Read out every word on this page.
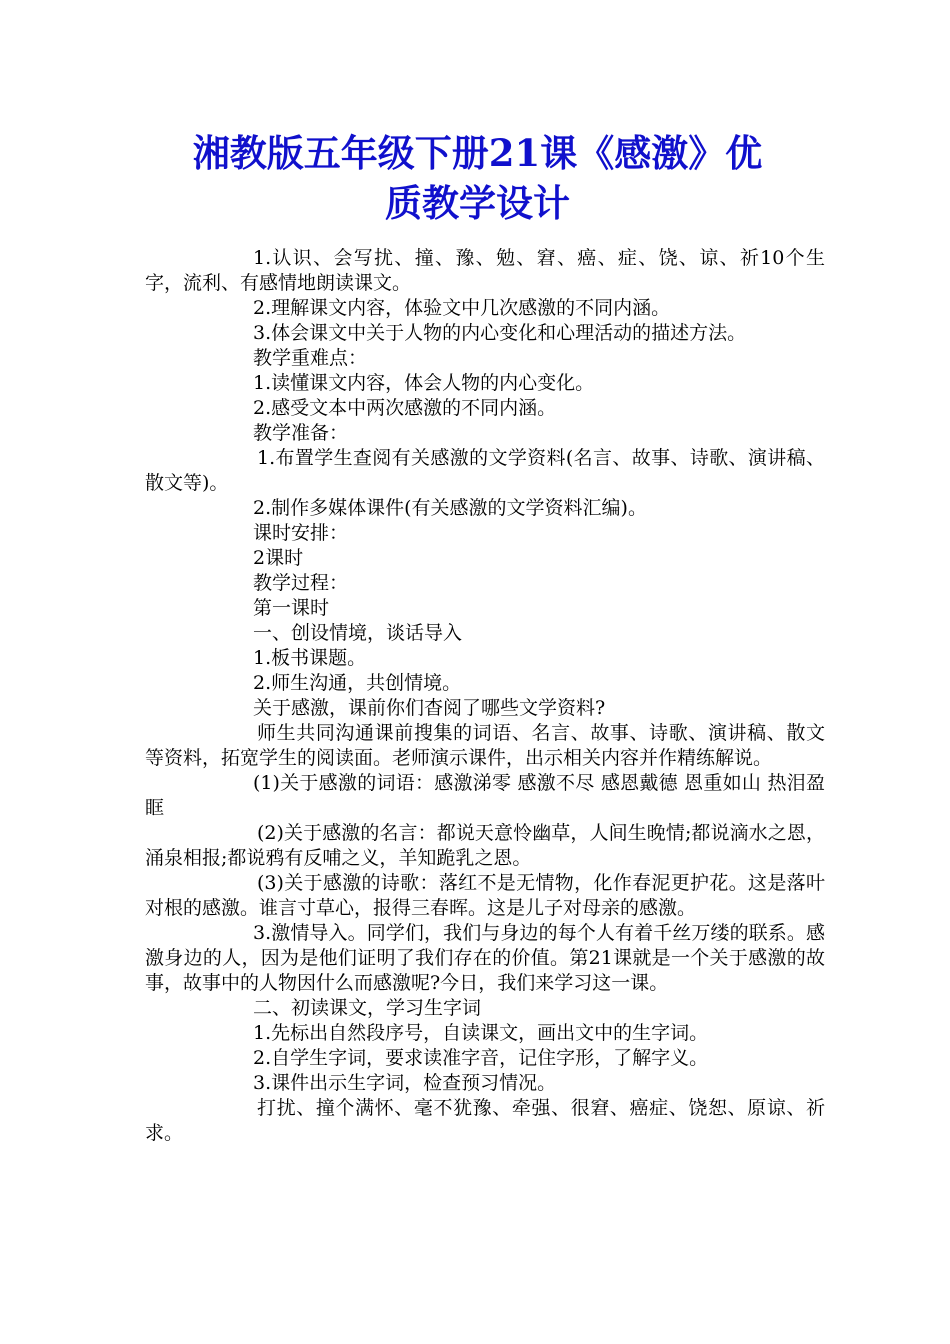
湘教版五年级下册21课《感激》优
质教学设计

1.认识、会写扰、撞、豫、勉、窘、癌、症、饶、谅、祈10个生字，流利、有感情地朗读课文。

2.理解课文内容，体验文中几次感激的不同内涵。

3.体会课文中关于人物的内心变化和心理活动的描述方法。

教学重难点：

1.读懂课文内容，体会人物的内心变化。

2.感受文本中两次感激的不同内涵。

教学准备：

1.布置学生查阅有关感激的文学资料(名言、故事、诗歌、演讲稿、散文等)。

2.制作多媒体课件(有关感激的文学资料汇编)。

课时安排：

2课时

教学过程：

第一课时

一、创设情境，谈话导入

1.板书课题。

2.师生沟通，共创情境。

关于感激，课前你们杳阅了哪些文学资料?

师生共同沟通课前搜集的词语、名言、故事、诗歌、演讲稿、散文等资料，拓宽学生的阅读面。老师演示课件，出示相关内容并作精练解说。

(1)关于感激的词语：感激涕零 感激不尽 感恩戴德 恩重如山 热泪盈眶

(2)关于感激的名言：都说天意怜幽草，人间生晚情;都说滴水之恩，涌泉相报;都说鸦有反哺之义，羊知跪乳之恩。

(3)关于感激的诗歌：落红不是无情物，化作春泥更护花。这是落叶对根的感激。谁言寸草心，报得三春晖。这是儿子对母亲的感激。

3.激情导入。同学们，我们与身边的每个人有着千丝万缕的联系。感激身边的人，因为是他们证明了我们存在的价值。第21课就是一个关于感激的故事，故事中的人物因什么而感激呢?今日，我们来学习这一课。

二、初读课文，学习生字词

1.先标出自然段序号，自读课文，画出文中的生字词。

2.自学生字词，要求读准字音，记住字形，了解字义。

3.课件出示生字词，检查预习情况。

打扰、撞个满怀、毫不犹豫、牵强、很窘、癌症、饶恕、原谅、祈求。
